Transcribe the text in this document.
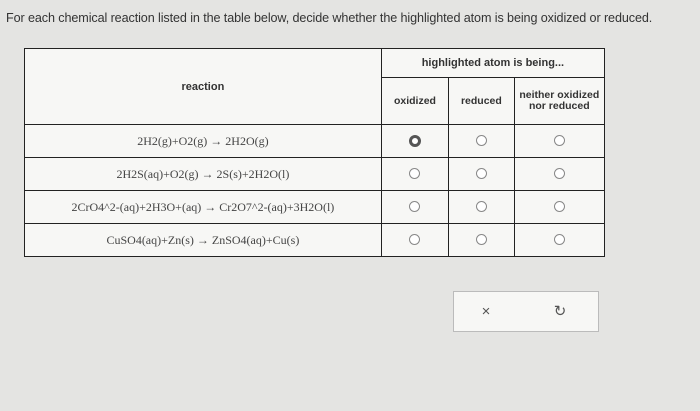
For each chemical reaction listed in the table below, decide whether the highlighted atom is being oxidized or reduced.
reaction	highlighted atom is being...		
	oxidized	reduced	neither oxidized nor reduced
2H2(g)+O2(g) → 2H2O(g)			
2H2S(aq)+O2(g) → 2S(s)+2H2O(l)			
2CrO4^2-(aq)+2H3O+(aq) → Cr2O7^2-(aq)+3H2O(l)			
CuSO4(aq)+Zn(s) → ZnSO4(aq)+Cu(s)			
×	↻
